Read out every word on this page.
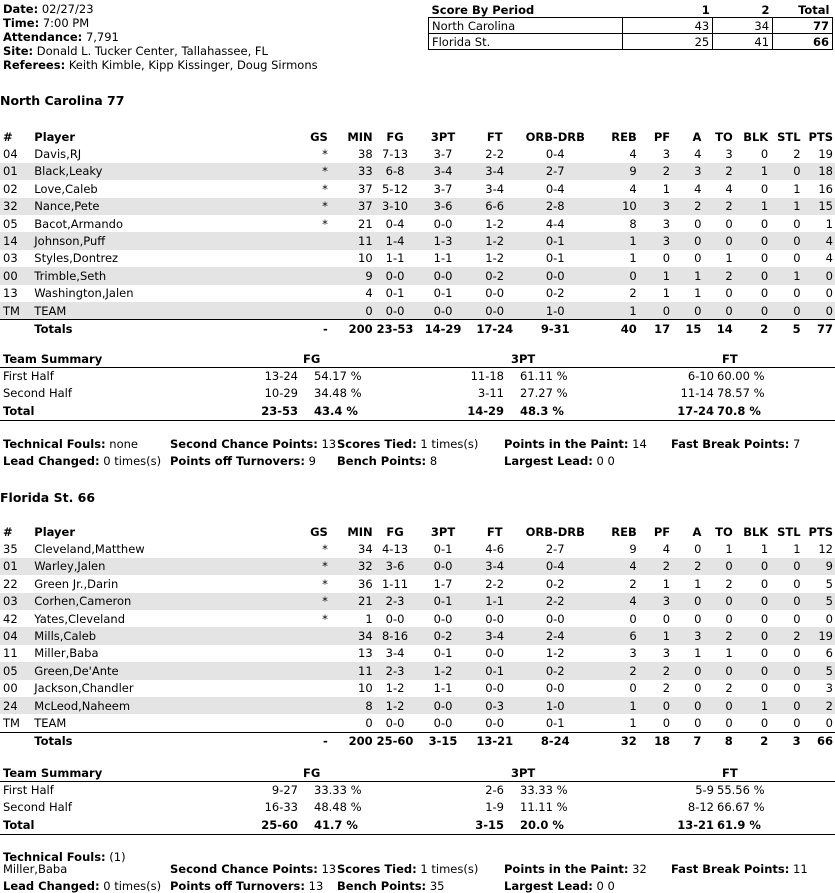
Date: 02/27/23
Time: 7:00 PM
Attendance: 7,791
Site: Donald L. Tucker Center, Tallahassee, FL
Referees: Keith Kimble, Kipp Kissinger, Doug Sirmons
Score By Period	1	2	Total
North Carolina	43	34	77
Florida St.	25	41	66
North Carolina 77
#	Player	GS	MIN	FG	3PT	FT	ORB-DRB	REB	PF	A	TO	BLK	STL	PTS
04	Davis,RJ	*	38	7-13	3-7	2-2	0-4	4	3	4	3	0	2	19
01	Black,Leaky	*	33	6-8	3-4	3-4	2-7	9	2	3	2	1	0	18
02	Love,Caleb	*	37	5-12	3-7	3-4	0-4	4	1	4	4	0	1	16
32	Nance,Pete	*	37	3-10	3-6	6-6	2-8	10	3	2	2	1	1	15
05	Bacot,Armando	*	21	0-4	0-0	1-2	4-4	8	3	0	0	0	0	1
14	Johnson,Puff		11	1-4	1-3	1-2	0-1	1	3	0	0	0	0	4
03	Styles,Dontrez		10	1-1	1-1	1-2	0-1	1	0	0	1	0	0	4
00	Trimble,Seth		9	0-0	0-0	0-2	0-0	0	1	1	2	0	1	0
13	Washington,Jalen		4	0-1	0-1	0-0	0-2	2	1	1	0	0	0	0
TM	TEAM		0	0-0	0-0	0-0	1-0	1	0	0	0	0	0	0
	Totals	-	200	23-53	14-29	17-24	9-31	40	17	15	14	2	5	77
Team Summary	FG	3PT	FT
First Half	13-24 54.17 %	11-18 61.11 %	6-10 60.00 %
Second Half	10-29 34.48 %	3-11 27.27 %	11-14 78.57 %
Total	23-53 43.4 %	14-29 48.3 %	17-24 70.8 %
Technical Fouls: none	Second Chance Points: 13 Scores Tied: 1 times(s) Points in the Paint: 14 Fast Break Points: 7
Lead Changed: 0 times(s) Points off Turnovers: 9 Bench Points: 8	Largest Lead: 0 0
Florida St. 66
#	Player	GS	MIN	FG	3PT	FT	ORB-DRB	REB	PF	A	TO	BLK	STL	PTS
35	Cleveland,Matthew	*	34	4-13	0-1	4-6	2-7	9	4	0	1	1	1	12
01	Warley,Jalen	*	32	3-6	0-0	3-4	0-4	4	2	2	0	0	0	9
22	Green Jr.,Darin	*	36	1-11	1-7	2-2	0-2	2	1	1	2	0	0	5
03	Corhen,Cameron	*	21	2-3	0-1	1-1	2-2	4	3	0	0	0	0	5
42	Yates,Cleveland	*	1	0-0	0-0	0-0	0-0	0	0	0	0	0	0	0
04	Mills,Caleb		34	8-16	0-2	3-4	2-4	6	1	3	2	0	2	19
11	Miller,Baba		13	3-4	0-1	0-0	1-2	3	3	1	1	0	0	6
05	Green,De'Ante		11	2-3	1-2	0-1	0-2	2	2	0	0	0	0	5
00	Jackson,Chandler		10	1-2	1-1	0-0	0-0	0	2	0	2	0	0	3
24	McLeod,Naheem		8	1-2	0-0	0-3	1-0	1	0	0	0	1	0	2
TM	TEAM		0	0-0	0-0	0-0	0-1	1	0	0	0	0	0	0
	Totals	-	200	25-60	3-15	13-21	8-24	32	18	7	8	2	3	66
Team Summary	FG	3PT	FT
First Half	9-27 33.33 %	2-6 33.33 %	5-9 55.56 %
Second Half	16-33 48.48 %	1-9 11.11 %	8-12 66.67 %
Total	25-60 41.7 %	3-15 20.0 %	13-21 61.9 %
Technical Fouls: (1)
Miller,Baba	Second Chance Points: 13 Scores Tied: 1 times(s) Points in the Paint: 32 Fast Break Points: 11
Lead Changed: 0 times(s) Points off Turnovers: 13 Bench Points: 35	Largest Lead: 0 0
